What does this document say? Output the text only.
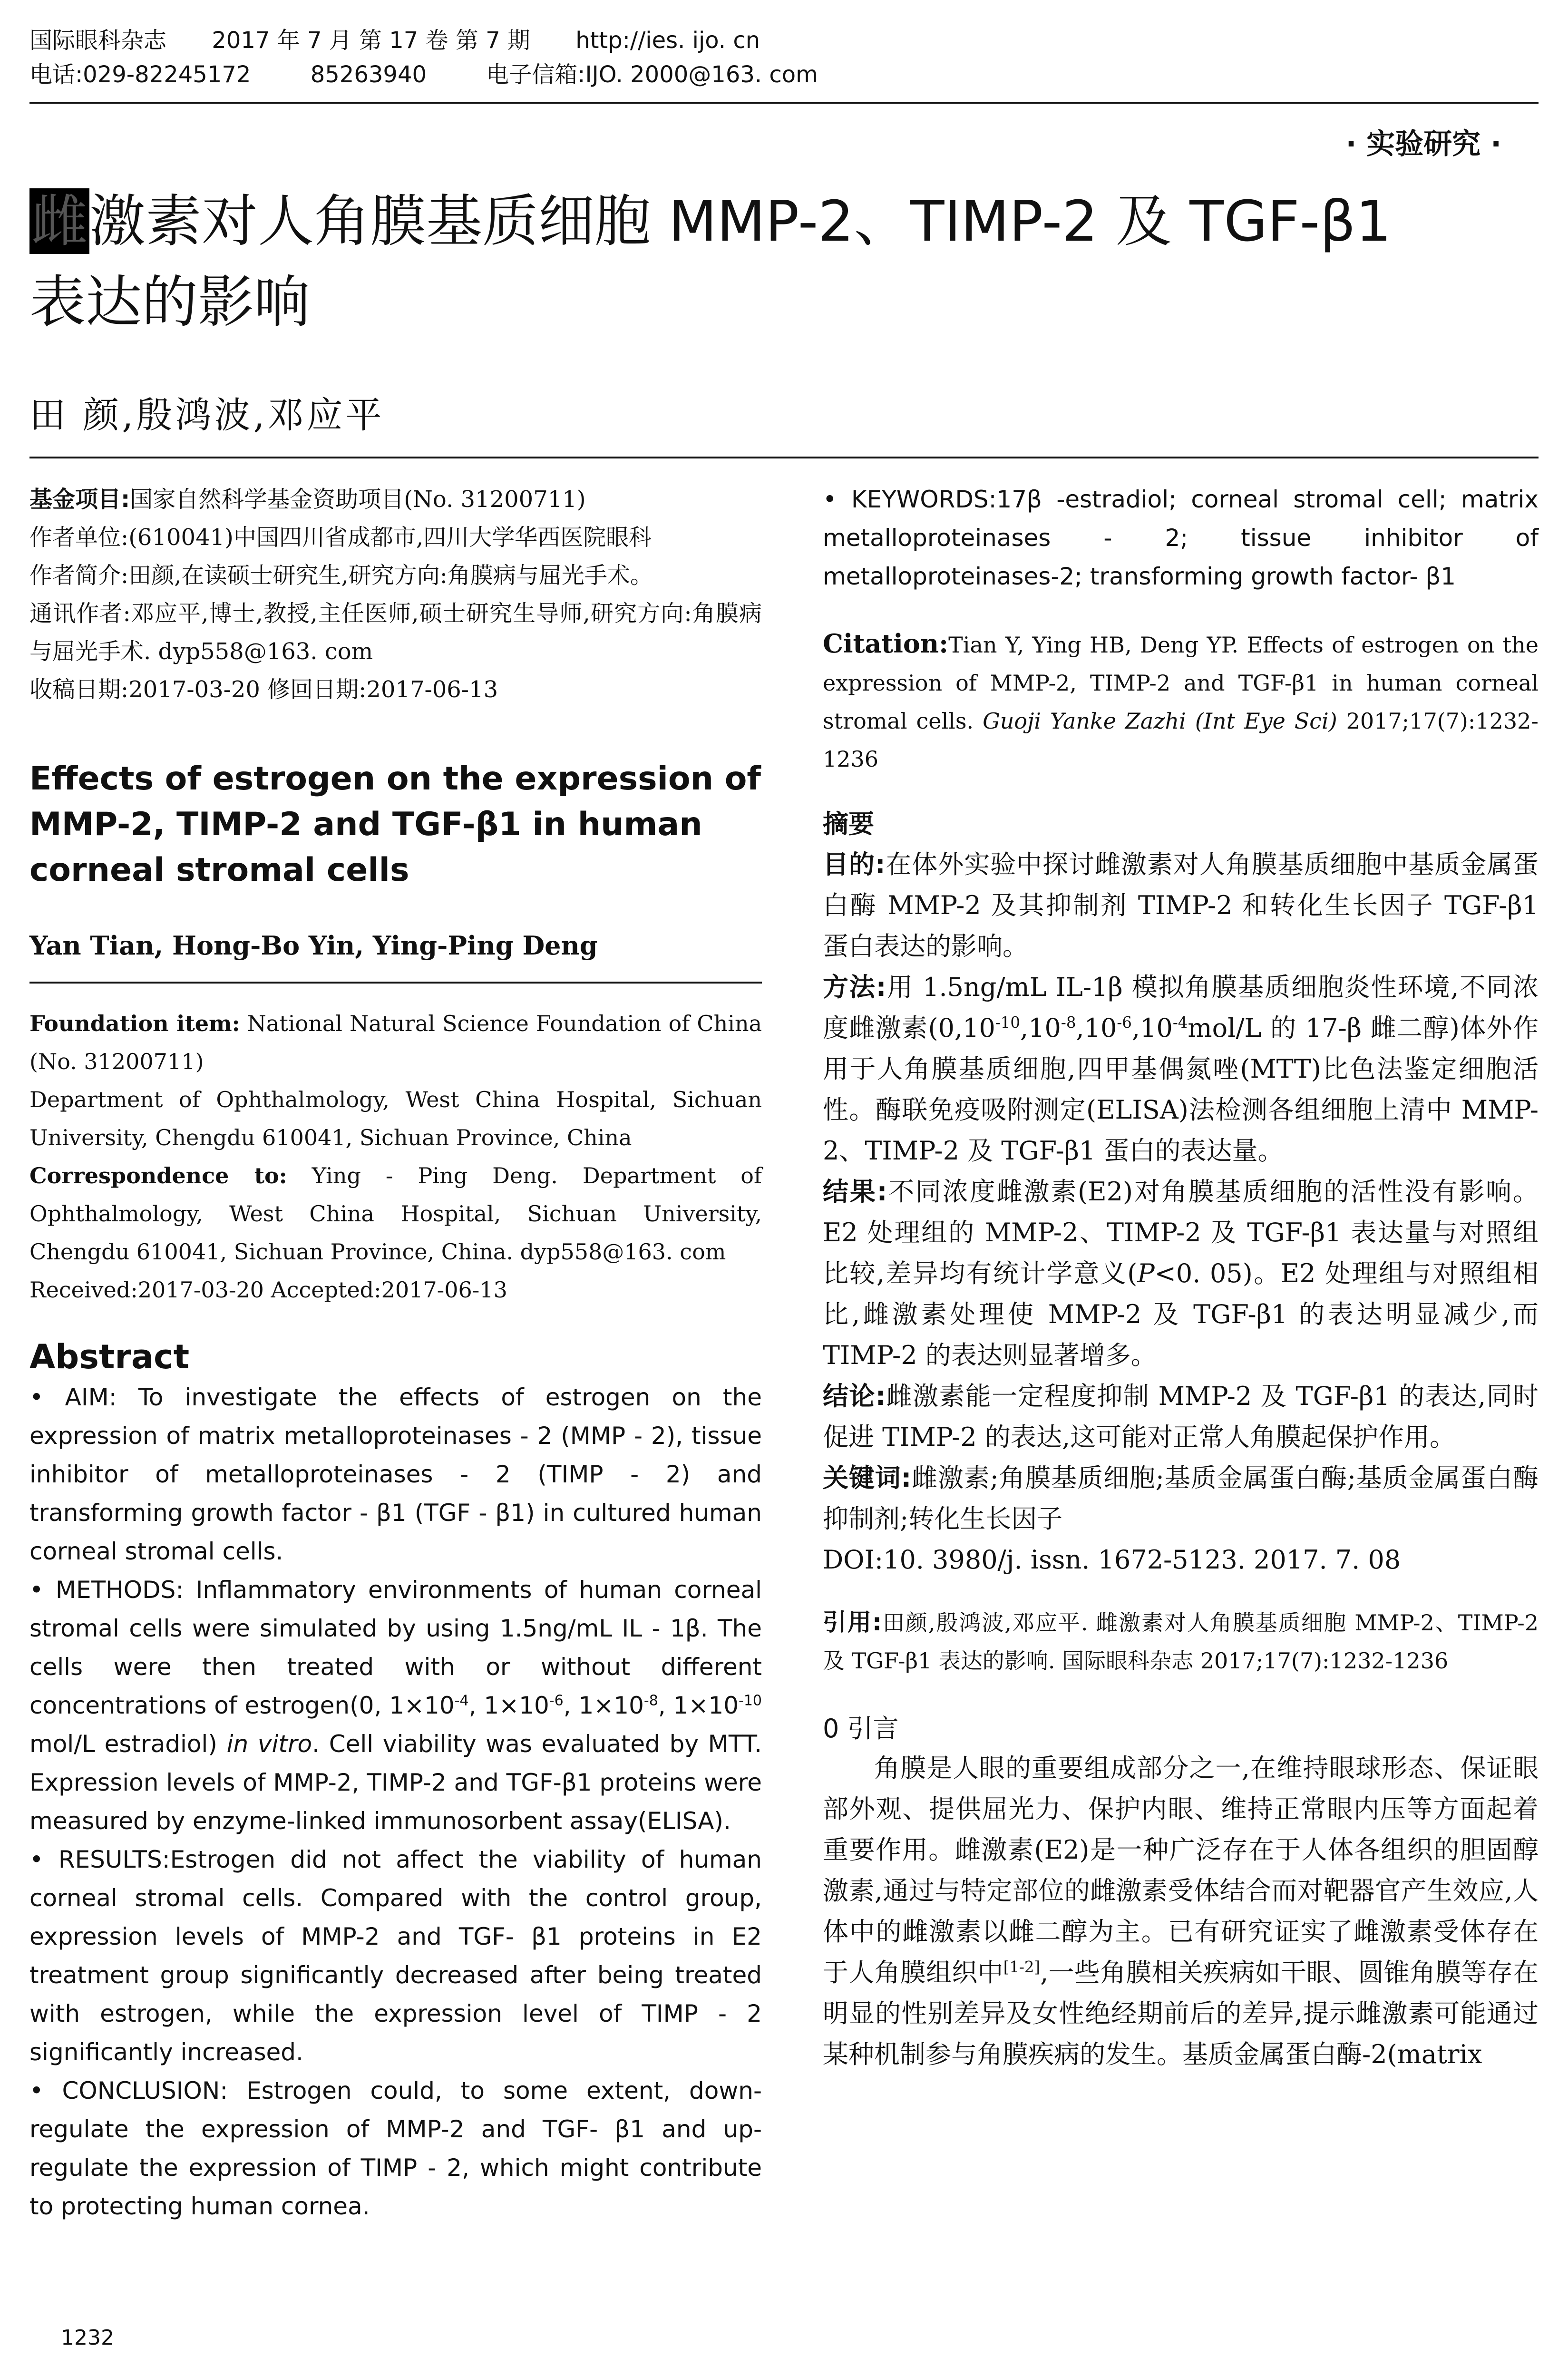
国际眼科杂志 2017 年 7 月 第 17 卷 第 7 期 http://ies. ijo. cn
电话:029-82245172	85263940	电子信箱:IJO. 2000@163. com
· 实验研究 ·
雌激素对人角膜基质细胞 MMP-2、TIMP-2 及 TGF-β1
表达的影响
田 颜,殷鸿波,邓应平

基金项目:国家自然科学基金资助项目(No. 31200711)

作者单位:(610041)中国四川省成都市,四川大学华西医院眼科

作者简介:田颜,在读硕士研究生,研究方向:角膜病与屈光手术。

通讯作者:邓应平,博士,教授,主任医师,硕士研究生导师,研究方向:角膜病与屈光手术. dyp558@163. com

收稿日期:2017-03-20 修回日期:2017-06-13

Effects of estrogen on the expression of MMP-2, TIMP-2 and TGF-β1 in human corneal stromal cells
Yan Tian, Hong-Bo Yin, Ying-Ping Deng

Foundation item: National Natural Science Foundation of China (No. 31200711)

Department of Ophthalmology, West China Hospital, Sichuan University, Chengdu 610041, Sichuan Province, China

Correspondence to: Ying - Ping Deng. Department of Ophthalmology, West China Hospital, Sichuan University, Chengdu 610041, Sichuan Province, China. dyp558@163. com

Received:2017-03-20 Accepted:2017-06-13

Abstract

• AIM: To investigate the effects of estrogen on the expression of matrix metalloproteinases - 2 (MMP - 2), tissue inhibitor of metalloproteinases - 2 (TIMP - 2) and transforming growth factor - β1 (TGF - β1) in cultured human corneal stromal cells.

• METHODS: Inflammatory environments of human corneal stromal cells were simulated by using 1.5ng/mL IL - 1β. The cells were then treated with or without different concentrations of estrogen(0, $1\times 10^{-4}$, $1\times 10^{-6}$, $1\times 10^{-8}$, $1\times 10^{-10}$ mol/L estradiol) in vitro. Cell viability was evaluated by MTT. Expression levels of MMP-2, TIMP-2 and TGF-β1 proteins were measured by enzyme-linked immunosorbent assay(ELISA).

• RESULTS:Estrogen did not affect the viability of human corneal stromal cells. Compared with the control group, expression levels of MMP-2 and TGF- β1 proteins in E2 treatment group significantly decreased after being treated with estrogen, while the expression level of TIMP - 2 significantly increased.

• CONCLUSION: Estrogen could, to some extent, down-regulate the expression of MMP-2 and TGF- β1 and up-regulate the expression of TIMP - 2, which might contribute to protecting human cornea.

• KEYWORDS:17β -estradiol; corneal stromal cell; matrix metalloproteinases - 2; tissue inhibitor of metalloproteinases-2; transforming growth factor- β1
Citation:Tian Y, Ying HB, Deng YP. Effects of estrogen on the expression of MMP-2, TIMP-2 and TGF-β1 in human corneal stromal cells. Guoji Yanke Zazhi (Int Eye Sci) 2017;17(7):1232-1236
摘要

目的:在体外实验中探讨雌激素对人角膜基质细胞中基质金属蛋白酶 MMP-2 及其抑制剂 TIMP-2 和转化生长因子 TGF-β1 蛋白表达的影响。

方法:用 1.5ng/mL IL-1β 模拟角膜基质细胞炎性环境,不同浓度雌激素($0,10^{-10},10^{-8},10^{-6},10^{-4}mol/L$ 的 17-β 雌二醇)体外作用于人角膜基质细胞,四甲基偶氮唑(MTT)比色法鉴定细胞活性。酶联免疫吸附测定(ELISA)法检测各组细胞上清中 MMP-2、TIMP-2 及 TGF-β1 蛋白的表达量。

结果:不同浓度雌激素(E2)对角膜基质细胞的活性没有影响。E2 处理组的 MMP-2、TIMP-2 及 TGF-β1 表达量与对照组比较,差异均有统计学意义(P<0. 05)。E2 处理组与对照组相比,雌激素处理使 MMP-2 及 TGF-β1 的表达明显减少,而 TIMP-2 的表达则显著增多。

结论:雌激素能一定程度抑制 MMP-2 及 TGF-β1 的表达,同时促进 TIMP-2 的表达,这可能对正常人角膜起保护作用。

关键词:雌激素;角膜基质细胞;基质金属蛋白酶;基质金属蛋白酶抑制剂;转化生长因子

DOI:10. 3980/j. issn. 1672-5123. 2017. 7. 08

引用:田颜,殷鸿波,邓应平. 雌激素对人角膜基质细胞 MMP-2、TIMP-2 及 TGF-β1 表达的影响. 国际眼科杂志 2017;17(7):1232-1236
0 引言
角膜是人眼的重要组成部分之一,在维持眼球形态、保证眼部外观、提供屈光力、保护内眼、维持正常眼内压等方面起着重要作用。雌激素(E2)是一种广泛存在于人体各组织的胆固醇激素,通过与特定部位的雌激素受体结合而对靶器官产生效应,人体中的雌激素以雌二醇为主。已有研究证实了雌激素受体存在于人角膜组织中[1-2],一些角膜相关疾病如干眼、圆锥角膜等存在明显的性别差异及女性绝经期前后的差异,提示雌激素可能通过某种机制参与角膜疾病的发生。基质金属蛋白酶-2(matrix
1232
